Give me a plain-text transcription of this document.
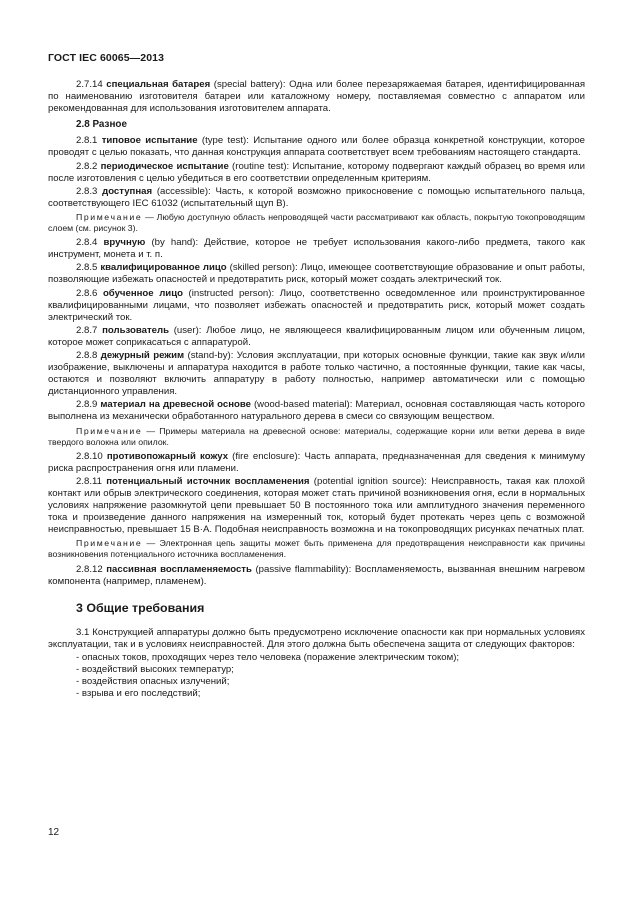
ГОСТ IEC 60065—2013

2.7.14 специальная батарея (special battery): Одна или более перезаряжаемая батарея, идентифицированная по наименованию изготовителя батареи или каталожному номеру, поставляемая совместно с аппаратом или рекомендованная для использования изготовителем аппарата.

2.8 Разное

2.8.1 типовое испытание (type test): Испытание одного или более образца конкретной конструкции, которое проводят с целью показать, что данная конструкция аппарата соответствует всем требованиям настоящего стандарта.

2.8.2 периодическое испытание (routine test): Испытание, которому подвергают каждый образец во время или после изготовления с целью убедиться в его соответствии определенным критериям.

2.8.3 доступная (accessible): Часть, к которой возможно прикосновение с помощью испытательного пальца, соответствующего IEC 61032 (испытательный щуп В).

Примечание — Любую доступную область непроводящей части рассматривают как область, покрытую токопроводящим слоем (см. рисунок 3).

2.8.4 вручную (by hand): Действие, которое не требует использования какого-либо предмета, такого как инструмент, монета и т. п.

2.8.5 квалифицированное лицо (skilled person): Лицо, имеющее соответствующие образование и опыт работы, позволяющие избежать опасностей и предотвратить риск, который может создать электрический ток.

2.8.6 обученное лицо (instructed person): Лицо, соответственно осведомленное или проинструктированное квалифицированными лицами, что позволяет избежать опасностей и предотвратить риск, который может создать электрический ток.

2.8.7 пользователь (user): Любое лицо, не являющееся квалифицированным лицом или обученным лицом, которое может соприкасаться с аппаратурой.

2.8.8 дежурный режим (stand-by): Условия эксплуатации, при которых основные функции, такие как звук и/или изображение, выключены и аппаратура находится в работе только частично, а постоянные функции, такие как часы, остаются и позволяют включить аппаратуру в работу полностью, например автоматически или с помощью дистанционного управления.

2.8.9 материал на древесной основе (wood-based material): Материал, основная составляющая часть которого выполнена из механически обработанного натурального дерева в смеси со связующим веществом.

Примечание — Примеры материала на древесной основе: материалы, содержащие корни или ветки дерева в виде твердого волокна или опилок.

2.8.10 противопожарный кожух (fire enclosure): Часть аппарата, предназначенная для сведения к минимуму риска распространения огня или пламени.

2.8.11 потенциальный источник воспламенения (potential ignition source): Неисправность, такая как плохой контакт или обрыв электрического соединения, которая может стать причиной возникновения огня, если в нормальных условиях напряжение разомкнутой цепи превышает 50 В постоянного тока или амплитудного значения переменного тока и произведение данного напряжения на измеренный ток, который будет протекать через цепь с возможной неисправностью, превышает 15 В·А. Подобная неисправность возможна и на токопроводящих рисунках печатных плат.

Примечание — Электронная цепь защиты может быть применена для предотвращения неисправности как причины возникновения потенциального источника воспламенения.

2.8.12 пассивная воспламеняемость (passive flammability): Воспламеняемость, вызванная внешним нагревом компонента (например, пламенем).

3 Общие требования

3.1 Конструкцией аппаратуры должно быть предусмотрено исключение опасности как при нормальных условиях эксплуатации, так и в условиях неисправностей. Для этого должна быть обеспечена защита от следующих факторов:

- опасных токов, проходящих через тело человека (поражение электрическим током);

- воздействий высоких температур;

- воздействия опасных излучений;

- взрыва и его последствий;

12
